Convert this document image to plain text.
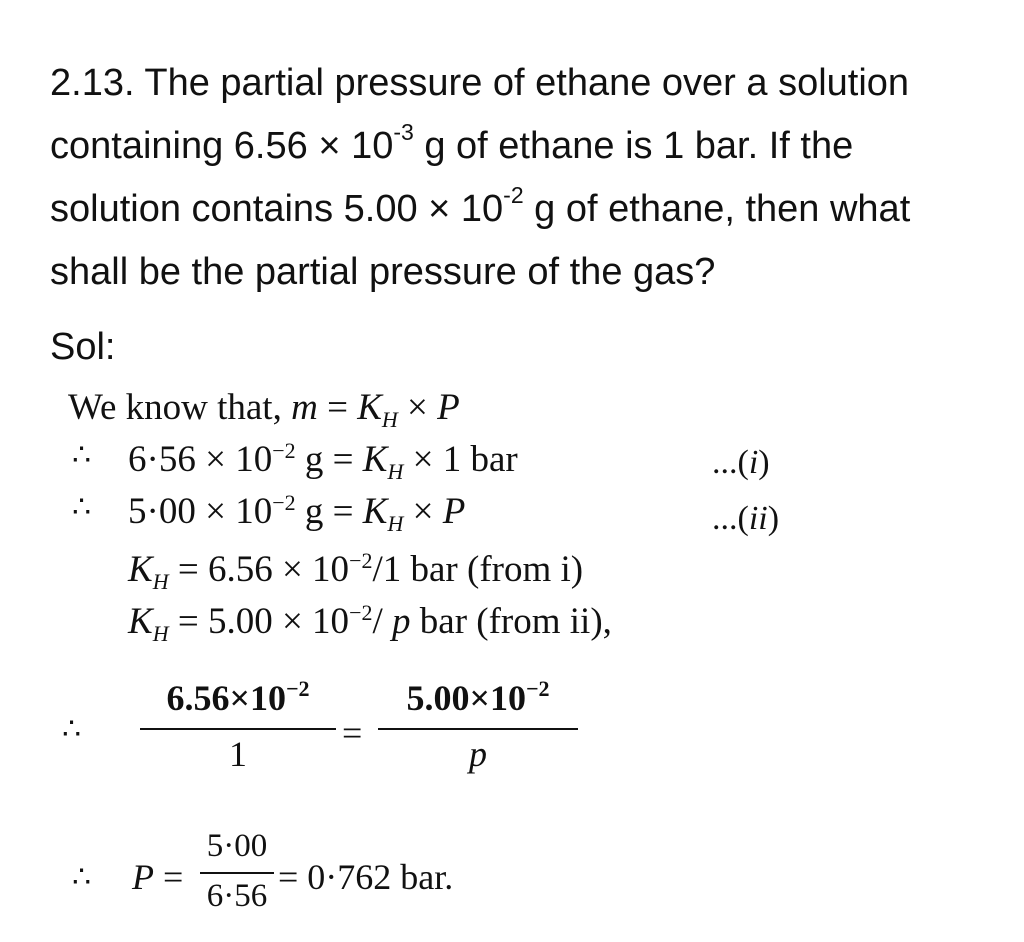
2.13. The partial pressure of ethane over a solution
containing $6.56 \times 10^{-3}$ g of ethane is 1 bar. If the
solution contains $5.00 \times 10^{-2}$ g of ethane, then what
shall be the partial pressure of the gas?
Sol:
We know that, $m = K_H \times P$
∴ $6\cdot 56 \times 10^{-2}$ $g = K_H \times 1$ bar	...(i)
∴ $5\cdot 00 \times 10^{-2}$ $g = K_H \times P$	...(ii)
$K_H = 6.56 \times 10^{-2}/1$ bar (from i)
$K_H = 5.00 \times 10^{-2}/$ p bar (from ii),
∴
$6.56\times 10^{-2}$
1
=
$5.00\times 10^{-2}$
p
∴ P =
5·00
6·56 = 0·762 bar.
